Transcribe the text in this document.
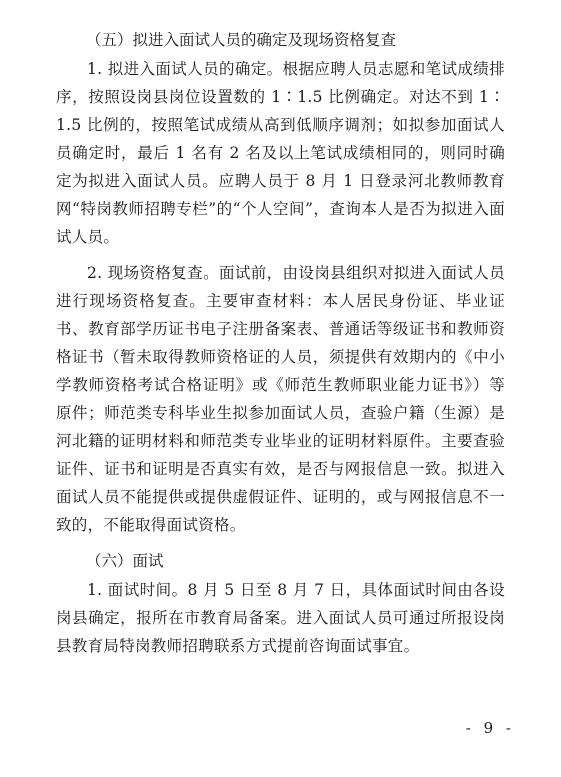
（五）拟进入面试人员的确定及现场资格复查

1. 拟进入面试人员的确定。根据应聘人员志愿和笔试成绩排序，按照设岗县岗位设置数的 1∶1.5 比例确定。对达不到 1∶1.5 比例的，按照笔试成绩从高到低顺序调剂；如拟参加面试人员确定时，最后 1 名有 2 名及以上笔试成绩相同的，则同时确定为拟进入面试人员。应聘人员于 8 月 1 日登录河北教师教育网“特岗教师招聘专栏”的“个人空间”，查询本人是否为拟进入面试人员。

2. 现场资格复查。面试前，由设岗县组织对拟进入面试人员进行现场资格复查。主要审查材料：本人居民身份证、毕业证书、教育部学历证书电子注册备案表、普通话等级证书和教师资格证书（暂未取得教师资格证的人员，须提供有效期内的《中小学教师资格考试合格证明》或《师范生教师职业能力证书》）等原件；师范类专科毕业生拟参加面试人员，查验户籍（生源）是河北籍的证明材料和师范类专业毕业的证明材料原件。主要查验证件、证书和证明是否真实有效，是否与网报信息一致。拟进入面试人员不能提供或提供虚假证件、证明的，或与网报信息不一致的，不能取得面试资格。

（六）面试

1. 面试时间。8 月 5 日至 8 月 7 日，具体面试时间由各设岗县确定，报所在市教育局备案。进入面试人员可通过所报设岗县教育局特岗教师招聘联系方式提前咨询面试事宜。

- 9 -
